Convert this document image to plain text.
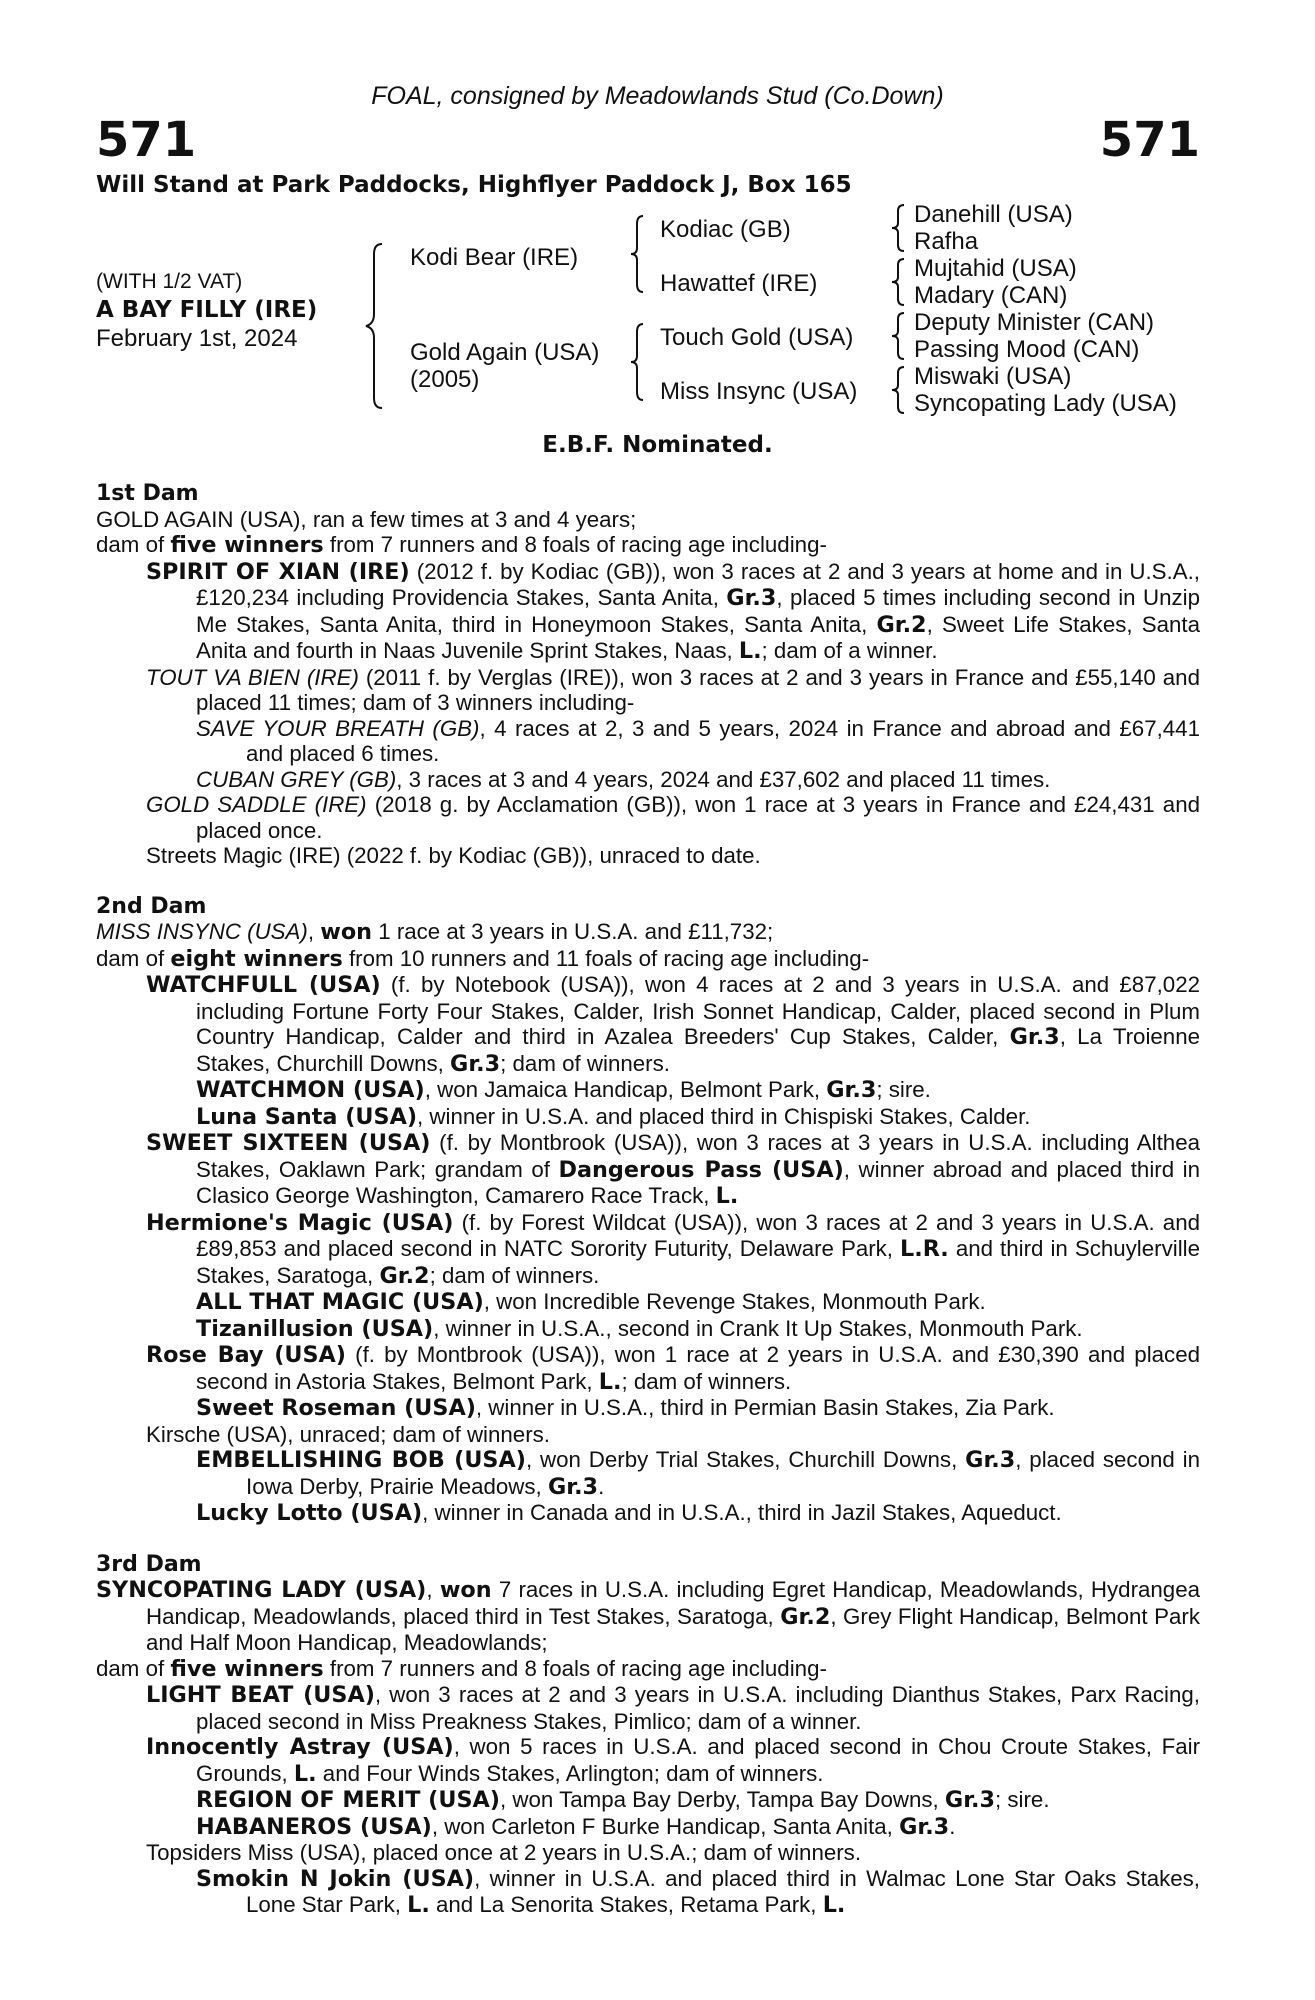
571	571
FOAL, consigned by Meadowlands Stud (Co.Down)
Will Stand at Park Paddocks, Highflyer Paddock J, Box 165
(WITH 1/2 VAT)
A BAY FILLY (IRE)
February 1st, 2024
Kodi Bear (IRE)
Gold Again (USA)
(2005)
Kodiac (GB)
Hawattef (IRE)
Touch Gold (USA)
Miss Insync (USA)
Danehill (USA)
Rafha
Mujtahid (USA)
Madary (CAN)
Deputy Minister (CAN)
Passing Mood (CAN)
Miswaki (USA)
Syncopating Lady (USA)
E.B.F. Nominated.
1st Dam

GOLD AGAIN (USA), ran a few times at 3 and 4 years;

dam of five winners from 7 runners and 8 foals of racing age including-

SPIRIT OF XIAN (IRE) (2012 f. by Kodiac (GB)), won 3 races at 2 and 3 years at home and in U.S.A., £120,234 including Providencia Stakes, Santa Anita, Gr.3, placed 5 times including second in Unzip Me Stakes, Santa Anita, third in Honeymoon Stakes, Santa Anita, Gr.2, Sweet Life Stakes, Santa Anita and fourth in Naas Juvenile Sprint Stakes, Naas, L.; dam of a winner.

TOUT VA BIEN (IRE) (2011 f. by Verglas (IRE)), won 3 races at 2 and 3 years in France and £55,140 and placed 11 times; dam of 3 winners including-

SAVE YOUR BREATH (GB), 4 races at 2, 3 and 5 years, 2024 in France and abroad and £67,441 and placed 6 times.

CUBAN GREY (GB), 3 races at 3 and 4 years, 2024 and £37,602 and placed 11 times.

GOLD SADDLE (IRE) (2018 g. by Acclamation (GB)), won 1 race at 3 years in France and £24,431 and placed once.

Streets Magic (IRE) (2022 f. by Kodiac (GB)), unraced to date.

2nd Dam

MISS INSYNC (USA), won 1 race at 3 years in U.S.A. and £11,732;

dam of eight winners from 10 runners and 11 foals of racing age including-

WATCHFULL (USA) (f. by Notebook (USA)), won 4 races at 2 and 3 years in U.S.A. and £87,022 including Fortune Forty Four Stakes, Calder, Irish Sonnet Handicap, Calder, placed second in Plum Country Handicap, Calder and third in Azalea Breeders' Cup Stakes, Calder, Gr.3, La Troienne Stakes, Churchill Downs, Gr.3; dam of winners.

WATCHMON (USA), won Jamaica Handicap, Belmont Park, Gr.3; sire.

Luna Santa (USA), winner in U.S.A. and placed third in Chispiski Stakes, Calder.

SWEET SIXTEEN (USA) (f. by Montbrook (USA)), won 3 races at 3 years in U.S.A. including Althea Stakes, Oaklawn Park; grandam of Dangerous Pass (USA), winner abroad and placed third in Clasico George Washington, Camarero Race Track, L.

Hermione's Magic (USA) (f. by Forest Wildcat (USA)), won 3 races at 2 and 3 years in U.S.A. and £89,853 and placed second in NATC Sorority Futurity, Delaware Park, L.R. and third in Schuylerville Stakes, Saratoga, Gr.2; dam of winners.

ALL THAT MAGIC (USA), won Incredible Revenge Stakes, Monmouth Park.

Tizanillusion (USA), winner in U.S.A., second in Crank It Up Stakes, Monmouth Park.

Rose Bay (USA) (f. by Montbrook (USA)), won 1 race at 2 years in U.S.A. and £30,390 and placed second in Astoria Stakes, Belmont Park, L.; dam of winners.

Sweet Roseman (USA), winner in U.S.A., third in Permian Basin Stakes, Zia Park.

Kirsche (USA), unraced; dam of winners.

EMBELLISHING BOB (USA), won Derby Trial Stakes, Churchill Downs, Gr.3, placed second in Iowa Derby, Prairie Meadows, Gr.3.

Lucky Lotto (USA), winner in Canada and in U.S.A., third in Jazil Stakes, Aqueduct.

3rd Dam

SYNCOPATING LADY (USA), won 7 races in U.S.A. including Egret Handicap, Meadowlands, Hydrangea Handicap, Meadowlands, placed third in Test Stakes, Saratoga, Gr.2, Grey Flight Handicap, Belmont Park and Half Moon Handicap, Meadowlands;

dam of five winners from 7 runners and 8 foals of racing age including-

LIGHT BEAT (USA), won 3 races at 2 and 3 years in U.S.A. including Dianthus Stakes, Parx Racing, placed second in Miss Preakness Stakes, Pimlico; dam of a winner.

Innocently Astray (USA), won 5 races in U.S.A. and placed second in Chou Croute Stakes, Fair Grounds, L. and Four Winds Stakes, Arlington; dam of winners.

REGION OF MERIT (USA), won Tampa Bay Derby, Tampa Bay Downs, Gr.3; sire.

HABANEROS (USA), won Carleton F Burke Handicap, Santa Anita, Gr.3.

Topsiders Miss (USA), placed once at 2 years in U.S.A.; dam of winners.

Smokin N Jokin (USA), winner in U.S.A. and placed third in Walmac Lone Star Oaks Stakes, Lone Star Park, L. and La Senorita Stakes, Retama Park, L.
